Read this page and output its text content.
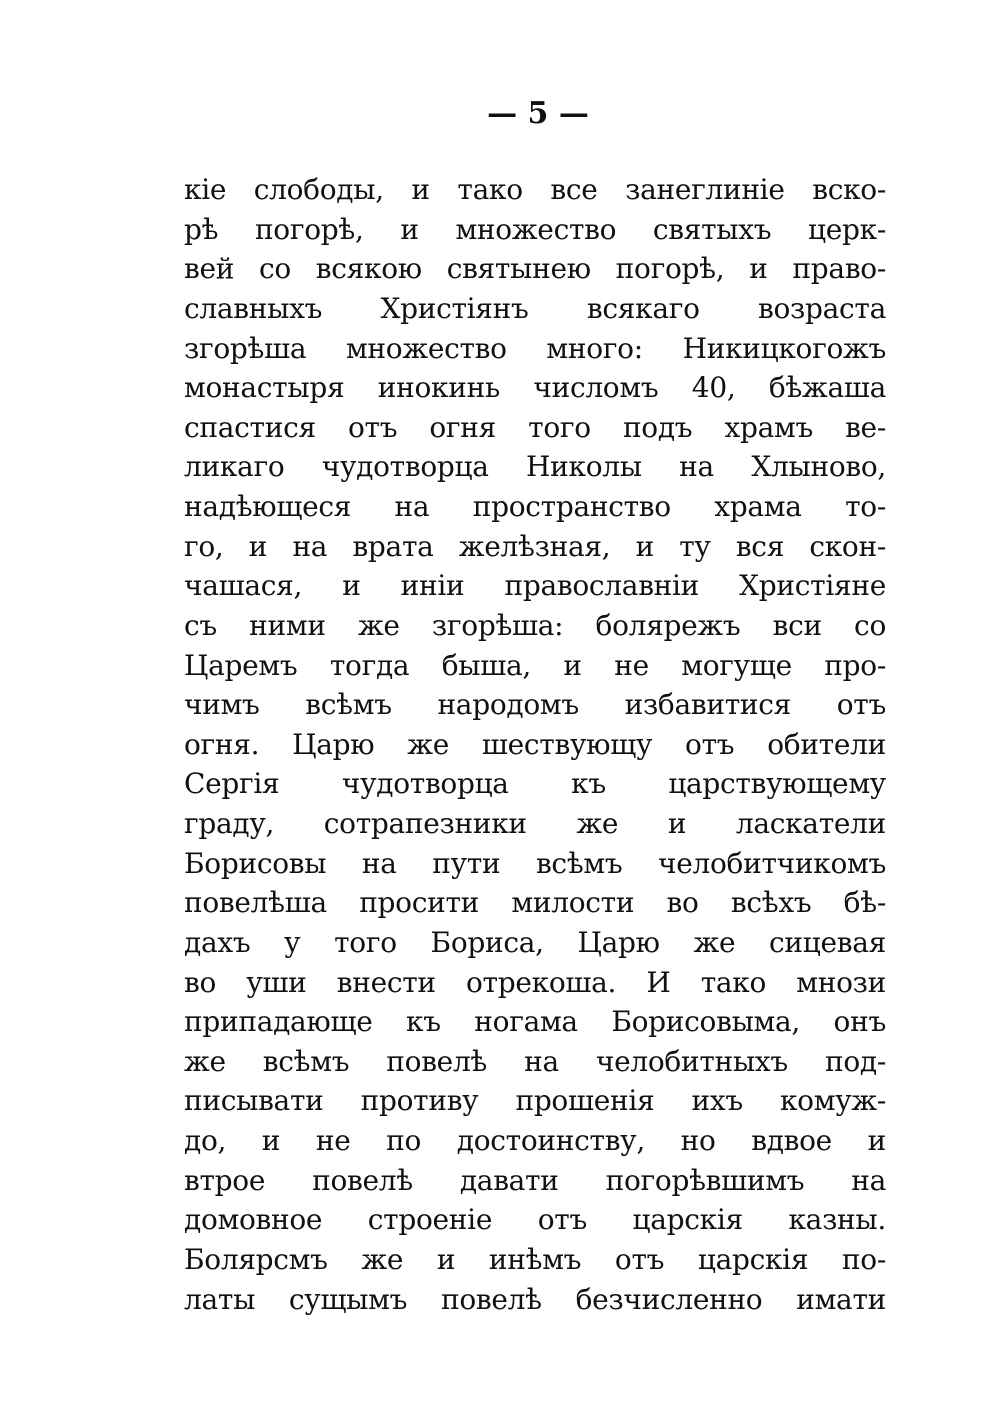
— 5 —
кіе слободы, и тако все занеглиніе вско-
рѣ погорѣ, и множество святыхъ церк-
вей со всякою святынею погорѣ, и право-
славныхъ Христіянъ всякаго возраста
згорѣша множество много: Никицкогожъ
монастыря инокинь числомъ 40, бѣжаша
спастися отъ огня того подъ храмъ ве-
ликаго чудотворца Николы на Хлыново,
надѣющеся на пространство храма то-
го, и на врата желѣзная, и ту вся скон-
чашася, и иніи православніи Христіяне
съ ними же згорѣша: болярежъ вси со
Царемъ тогда быша, и не могуще про-
чимъ всѣмъ народомъ избавитися отъ
огня. Царю же шествующу отъ обители
Сергія чудотворца къ царствующему
граду, сотрапезники же и ласкатели
Борисовы на пути всѣмъ челобитчикомъ
повелѣша просити милости во всѣхъ бѣ-
дахъ у того Бориса, Царю же сицевая
во уши внести отрекоша. И тако мнози
припадающе къ ногама Борисовыма, онъ
же всѣмъ повелѣ на челобитныхъ под-
писывати противу прошенія ихъ комуж-
до, и не по достоинству, но вдвое и
втрое повелѣ давати погорѣвшимъ на
домовное строеніе отъ царскія казны.
Болярсмъ же и инѣмъ отъ царскія по-
латы сущымъ повелѣ безчисленно имати
